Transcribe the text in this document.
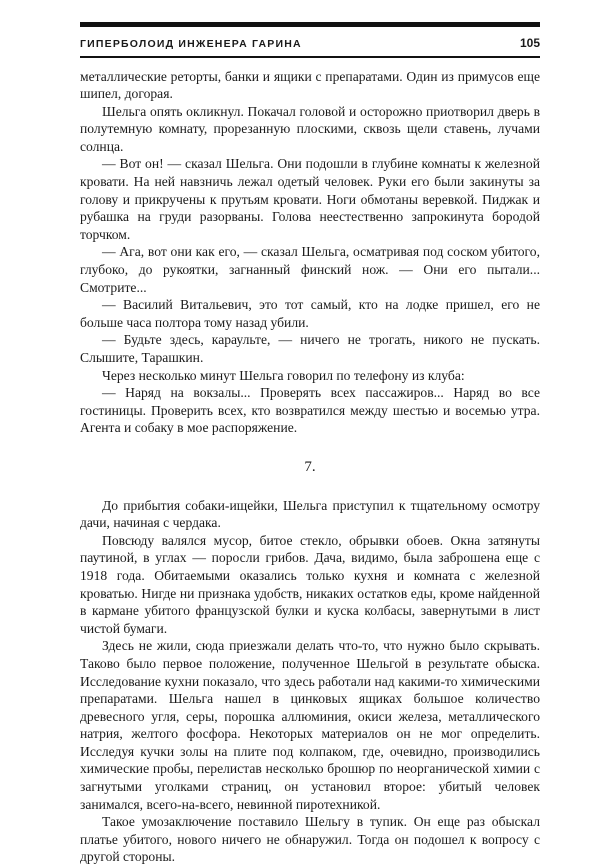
ГИПЕРБОЛОИД ИНЖЕНЕРА ГАРИНА	105

металлические реторты, банки и ящики с препаратами. Один из примусов еще шипел, догорая.

Шельга опять окликнул. Покачал головой и осторожно приотворил дверь в полутемную комнату, прорезанную плоскими, сквозь щели ставень, лучами солнца.

— Вот он! — сказал Шельга. Они подошли в глубине комнаты к железной кровати. На ней навзничь лежал одетый человек. Руки его были закинуты за голову и прикручены к прутьям кровати. Ноги обмотаны веревкой. Пиджак и рубашка на груди разорваны. Голова неестественно запрокинута бородой торчком.

— Ага, вот они как его, — сказал Шельга, осматривая под соском убитого, глубоко, до рукоятки, загнанный финский нож. — Они его пытали... Смотрите...

— Василий Витальевич, это тот самый, кто на лодке пришел, его не больше часа полтора тому назад убили.

— Будьте здесь, караульте, — ничего не трогать, никого не пускать. Слышите, Тарашкин.

Через несколько минут Шельга говорил по телефону из клуба:

— Наряд на вокзалы... Проверять всех пассажиров... Наряд во все гостиницы. Проверить всех, кто возвратился между шестью и восемью утра. Агента и собаку в мое распоряжение.

7.

До прибытия собаки-ищейки, Шельга приступил к тщательному осмотру дачи, начиная с чердака.

Повсюду валялся мусор, битое стекло, обрывки обоев. Окна затянуты паутиной, в углах — поросли грибов. Дача, видимо, была заброшена еще с 1918 года. Обитаемыми оказались только кухня и комната с железной кроватью. Нигде ни признака удобств, никаких остатков еды, кроме найденной в кармане убитого французской булки и куска колбасы, завернутыми в лист чистой бумаги.

Здесь не жили, сюда приезжали делать что-то, что нужно было скрывать. Таково было первое положение, полученное Шельгой в результате обыска. Исследование кухни показало, что здесь работали над какими-то химическими препаратами. Шельга нашел в цинковых ящиках большое количество древесного угля, серы, порошка аллюминия, окиси железа, металлического натрия, желтого фосфора. Некоторых материалов он не мог определить. Исследуя кучки золы на плите под колпаком, где, очевидно, производились химические пробы, перелистав несколько брошюр по неорганической химии с загнутыми уголками страниц, он установил второе: убитый человек занимался, всего-на-всего, невинной пиротехникой.

Такое умозаключение поставило Шельгу в тупик. Он еще раз обыскал платье убитого, нового ничего не обнаружил. Тогда он подошел к вопросу с другой стороны.
